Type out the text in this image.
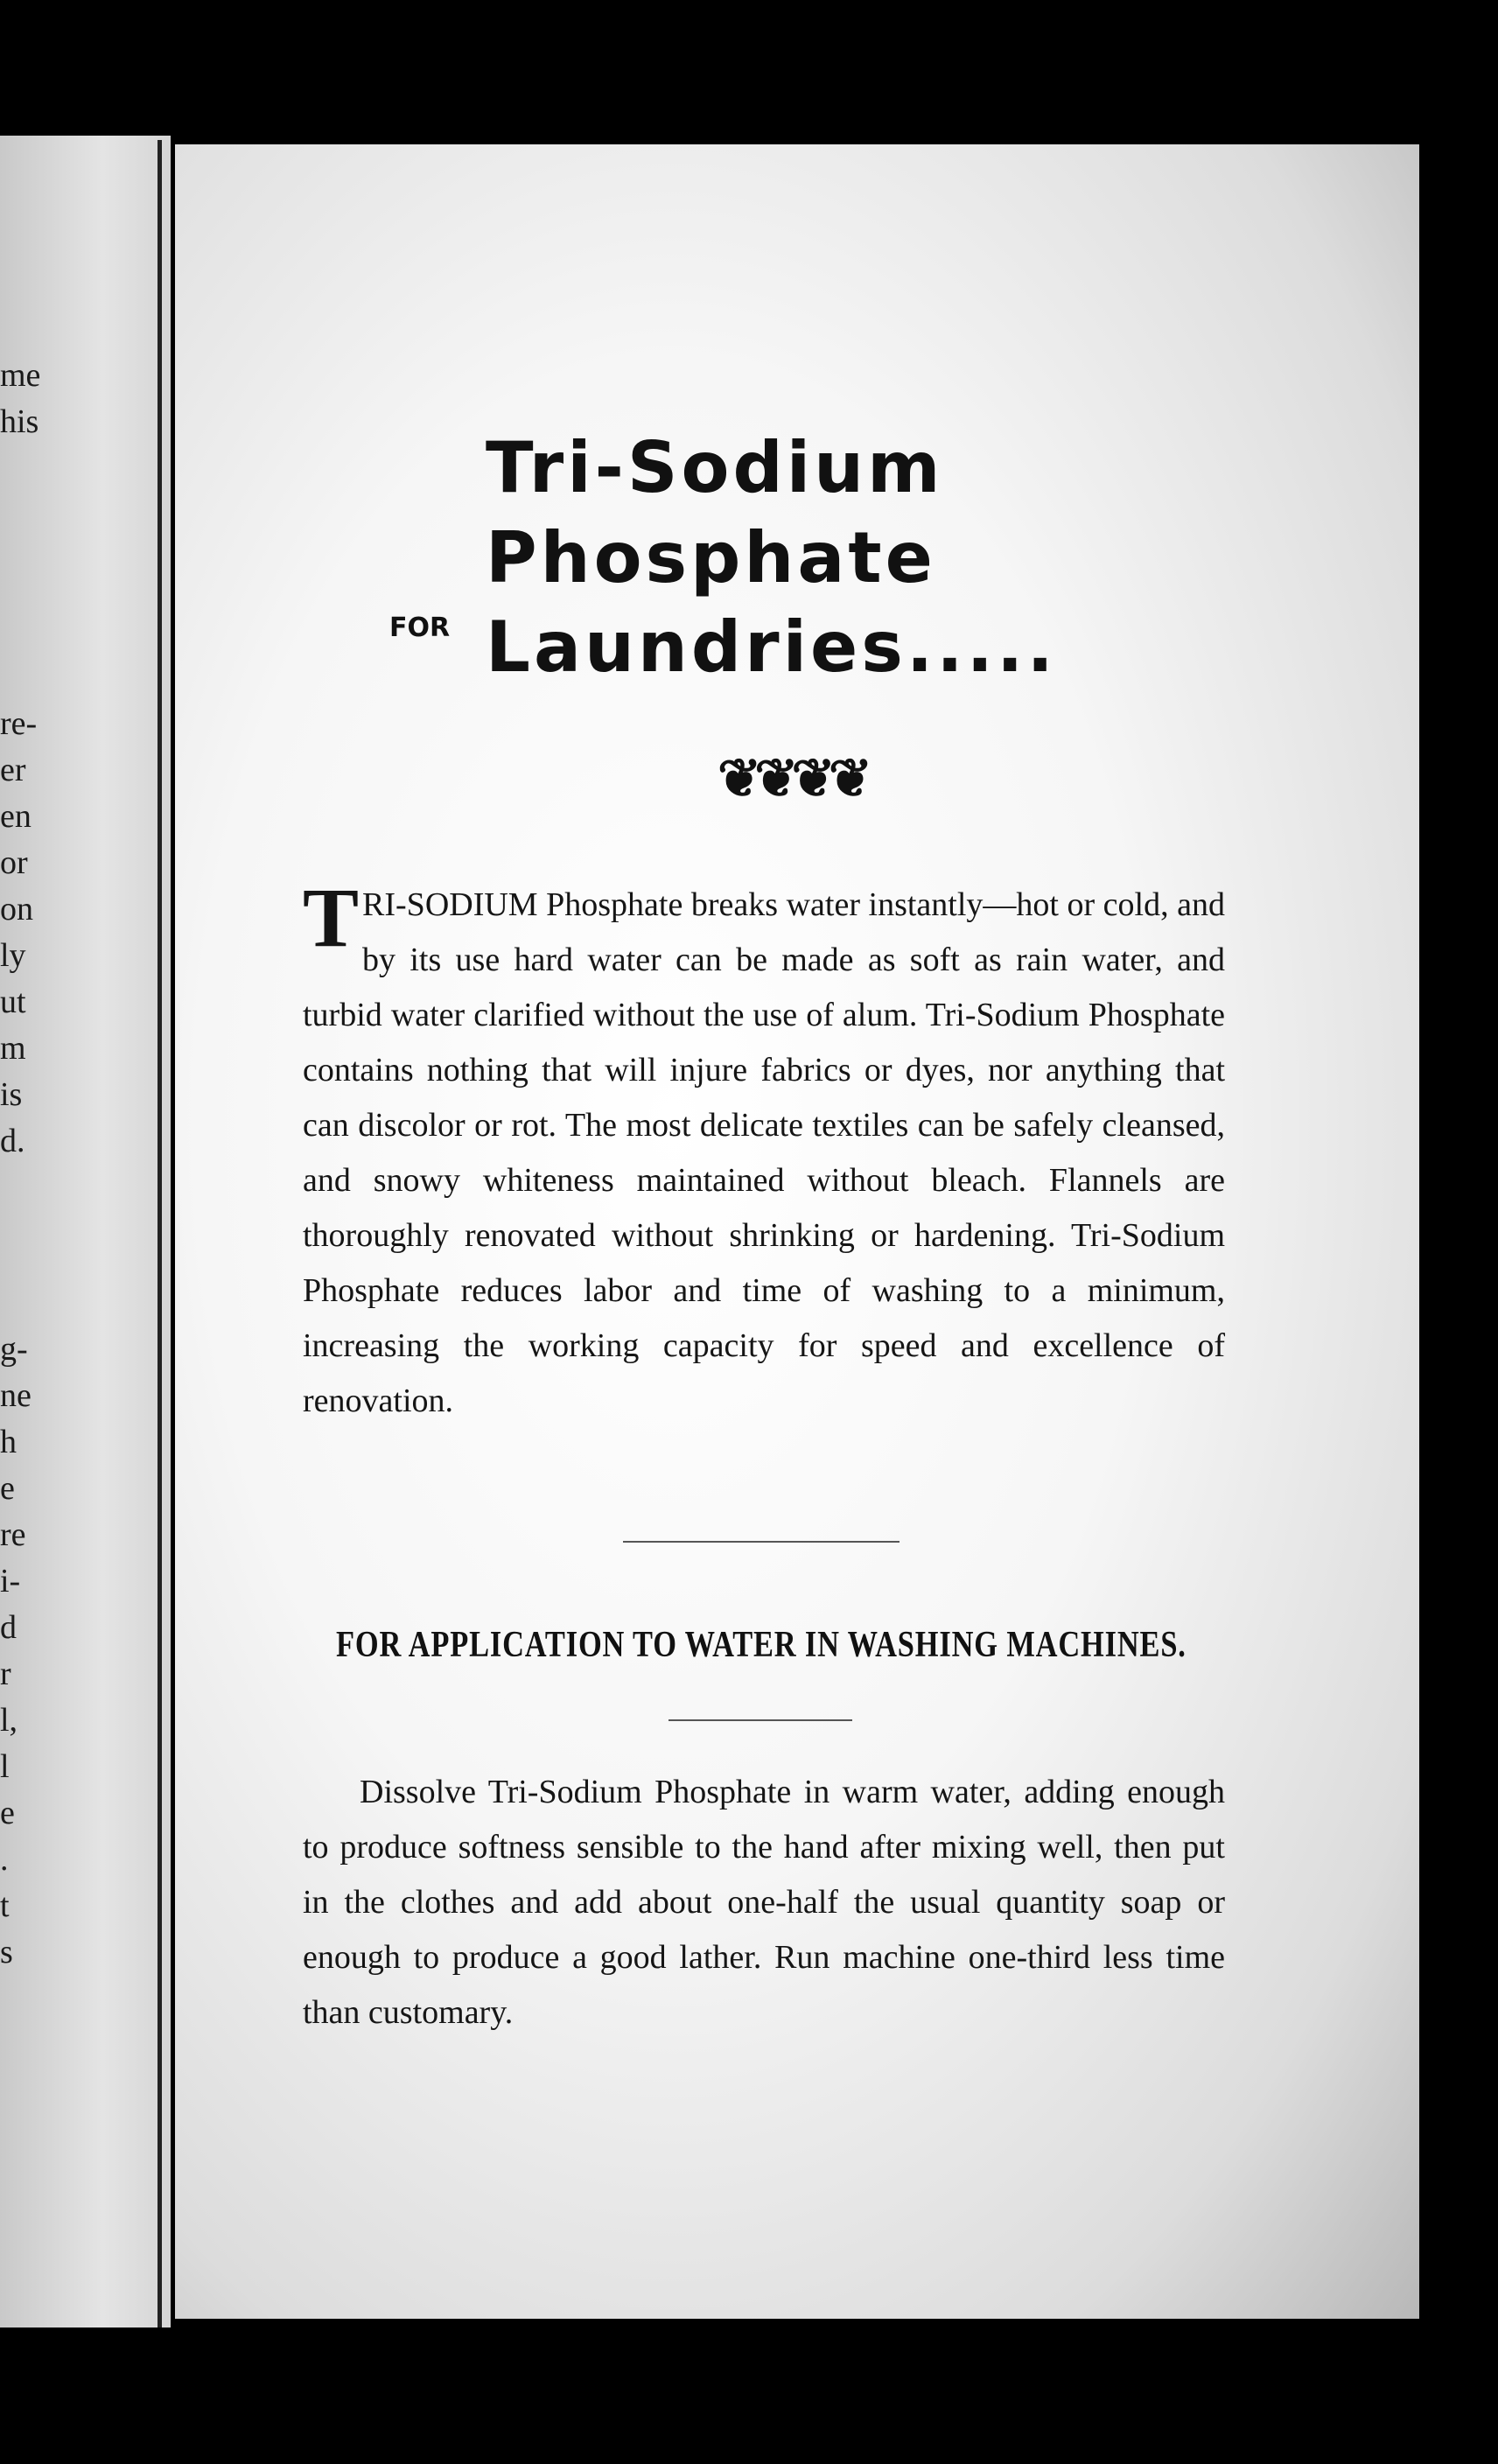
me
his
re-
er
en
or
on
ly
ut
m
is
d.
g-
ne
h
e
re
i-
d
r
l,
l
e
.
t
s
Tri-Sodium
Phosphate
FOR Laundries.....
❦❦❦❦

TRI-SODIUM Phosphate breaks water instantly—hot or cold, and by its use hard water can be made as soft as rain water, and turbid water clarified without the use of alum. Tri-Sodium Phosphate contains nothing that will injure fabrics or dyes, nor anything that can discolor or rot. The most delicate textiles can be safely cleansed, and snowy whiteness maintained without bleach. Flannels are thoroughly renovated without shrinking or hardening. Tri-Sodium Phosphate reduces labor and time of washing to a minimum, increasing the working capacity for speed and excellence of renovation.

FOR APPLICATION TO WATER IN WASHING MACHINES.

Dissolve Tri-Sodium Phosphate in warm water, adding enough to produce softness sensible to the hand after mixing well, then put in the clothes and add about one-half the usual quantity soap or enough to produce a good lather. Run machine one-third less time than customary.
